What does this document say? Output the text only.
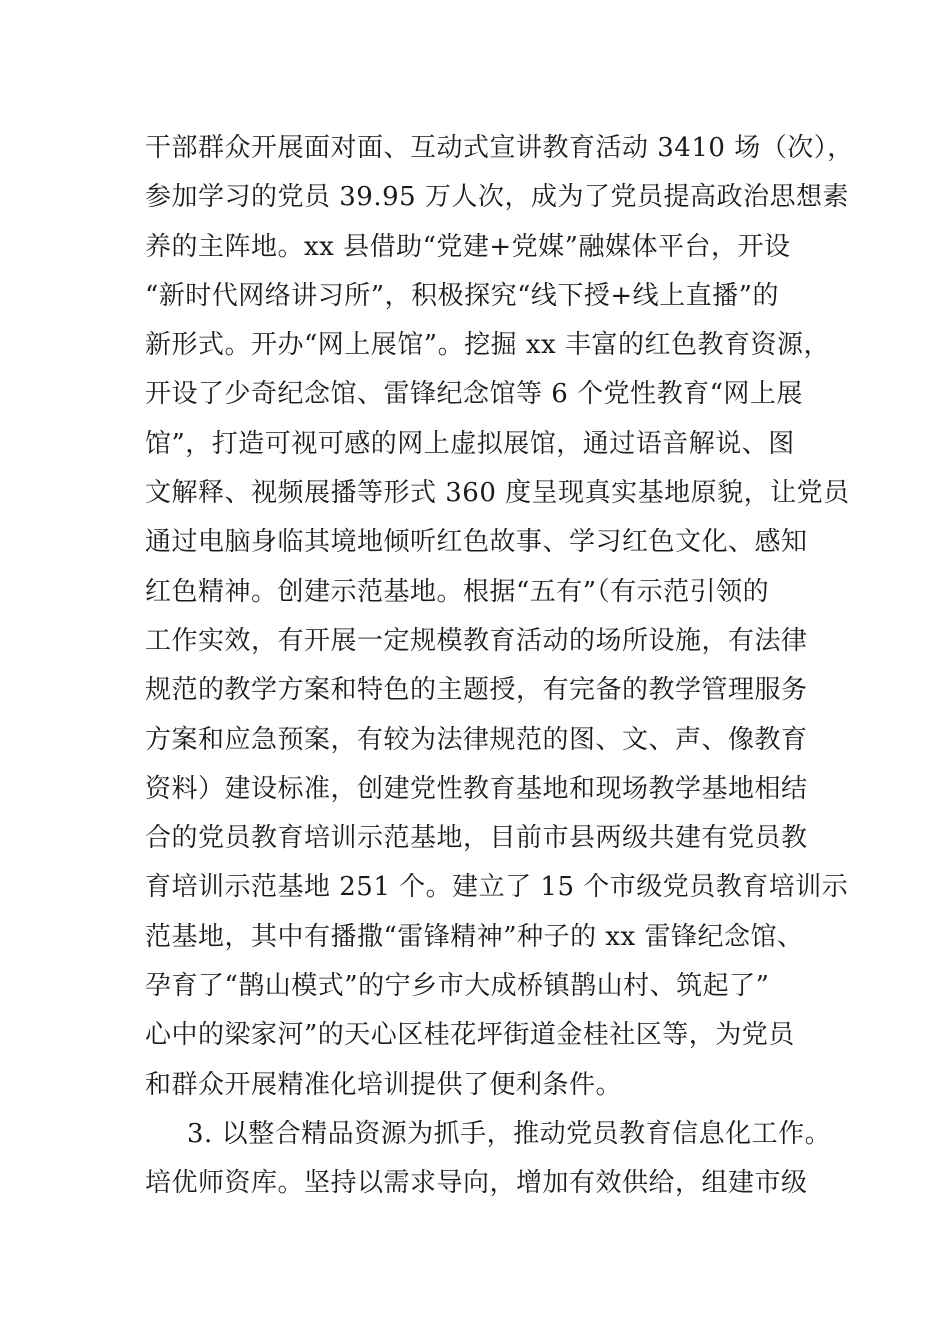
干部群众开展面对面、互动式宣讲教育活动 3410 场（次），
参加学习的党员 39.95 万人次，成为了党员提高政治思想素
养的主阵地。xx 县借助“党建+党媒”融媒体平台，开设
“新时代网络讲习所”，积极探究“线下授+线上直播”的
新形式。开办“网上展馆”。挖掘 xx 丰富的红色教育资源，
开设了少奇纪念馆、雷锋纪念馆等 6 个党性教育“网上展
馆”，打造可视可感的网上虚拟展馆，通过语音解说、图
文解释、视频展播等形式 360 度呈现真实基地原貌，让党员
通过电脑身临其境地倾听红色故事、学习红色文化、感知
红色精神。创建示范基地。根据“五有”（有示范引领的
工作实效，有开展一定规模教育活动的场所设施，有法律
规范的教学方案和特色的主题授，有完备的教学管理服务
方案和应急预案，有较为法律规范的图、文、声、像教育
资料）建设标准，创建党性教育基地和现场教学基地相结
合的党员教育培训示范基地，目前市县两级共建有党员教
育培训示范基地 251 个。建立了 15 个市级党员教育培训示
范基地，其中有播撒“雷锋精神”种子的 xx 雷锋纪念馆、
孕育了“鹊山模式”的宁乡市大成桥镇鹊山村、筑起了”
心中的梁家河”的天心区桂花坪街道金桂社区等，为党员
和群众开展精准化培训提供了便利条件。
3. 以整合精品资源为抓手，推动党员教育信息化工作。
培优师资库。坚持以需求导向，增加有效供给，组建市级
